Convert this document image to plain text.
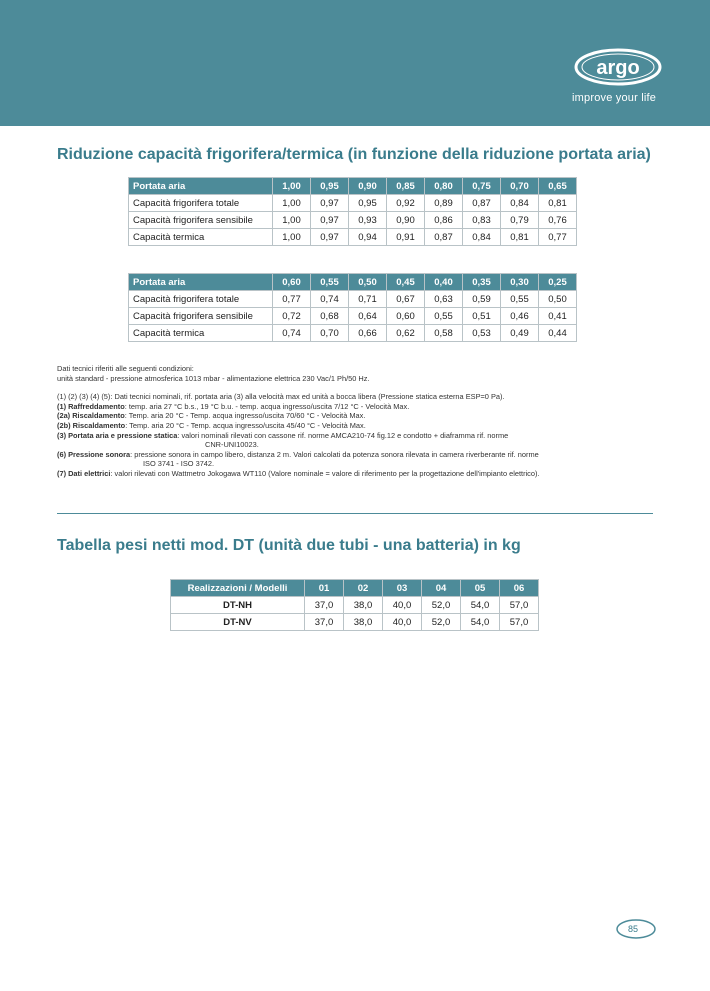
argo
improve your life
Riduzione capacità frigorifera/termica (in funzione della riduzione portata aria)
Portata aria	1,00	0,95	0,90	0,85	0,80	0,75	0,70	0,65
Capacità frigorifera totale	1,00	0,97	0,95	0,92	0,89	0,87	0,84	0,81
Capacità frigorifera sensibile	1,00	0,97	0,93	0,90	0,86	0,83	0,79	0,76
Capacità termica	1,00	0,97	0,94	0,91	0,87	0,84	0,81	0,77
Portata aria	0,60	0,55	0,50	0,45	0,40	0,35	0,30	0,25
Capacità frigorifera totale	0,77	0,74	0,71	0,67	0,63	0,59	0,55	0,50
Capacità frigorifera sensibile	0,72	0,68	0,64	0,60	0,55	0,51	0,46	0,41
Capacità termica	0,74	0,70	0,66	0,62	0,58	0,53	0,49	0,44

Dati tecnici riferiti alle seguenti condizioni:

unità standard - pressione atmosferica 1013 mbar - alimentazione elettrica 230 Vac/1 Ph/50 Hz.

(1) (2) (3) (4) (5): Dati tecnici nominali, rif. portata aria (3) alla velocità max ed unità a bocca libera (Pressione statica esterna ESP=0 Pa).

(1) Raffreddamento: temp. aria 27 °C b.s., 19 °C b.u. - temp. acqua ingresso/uscita 7/12 °C - Velocità Max.

(2a) Riscaldamento: Temp. aria 20 °C - Temp. acqua ingresso/uscita 70/60 °C - Velocità Max.

(2b) Riscaldamento: Temp. aria 20 °C - Temp. acqua ingresso/uscita 45/40 °C - Velocità Max.

(3) Portata aria e pressione statica: valori nominali rilevati con cassone rif. norme AMCA210-74 fig.12 e condotto + diaframma rif. norme

CNR-UNI10023.

(6) Pressione sonora: pressione sonora in campo libero, distanza 2 m. Valori calcolati da potenza sonora rilevata in camera riverberante rif. norme

ISO 3741 - ISO 3742.

(7) Dati elettrici: valori rilevati con Wattmetro Jokogawa WT110 (Valore nominale = valore di riferimento per la progettazione dell'impianto elettrico).

Tabella pesi netti mod. DT (unità due tubi - una batteria) in kg
Realizzazioni / Modelli	01	02	03	04	05	06
DT-NH	37,0	38,0	40,0	52,0	54,0	57,0
DT-NV	37,0	38,0	40,0	52,0	54,0	57,0
85
